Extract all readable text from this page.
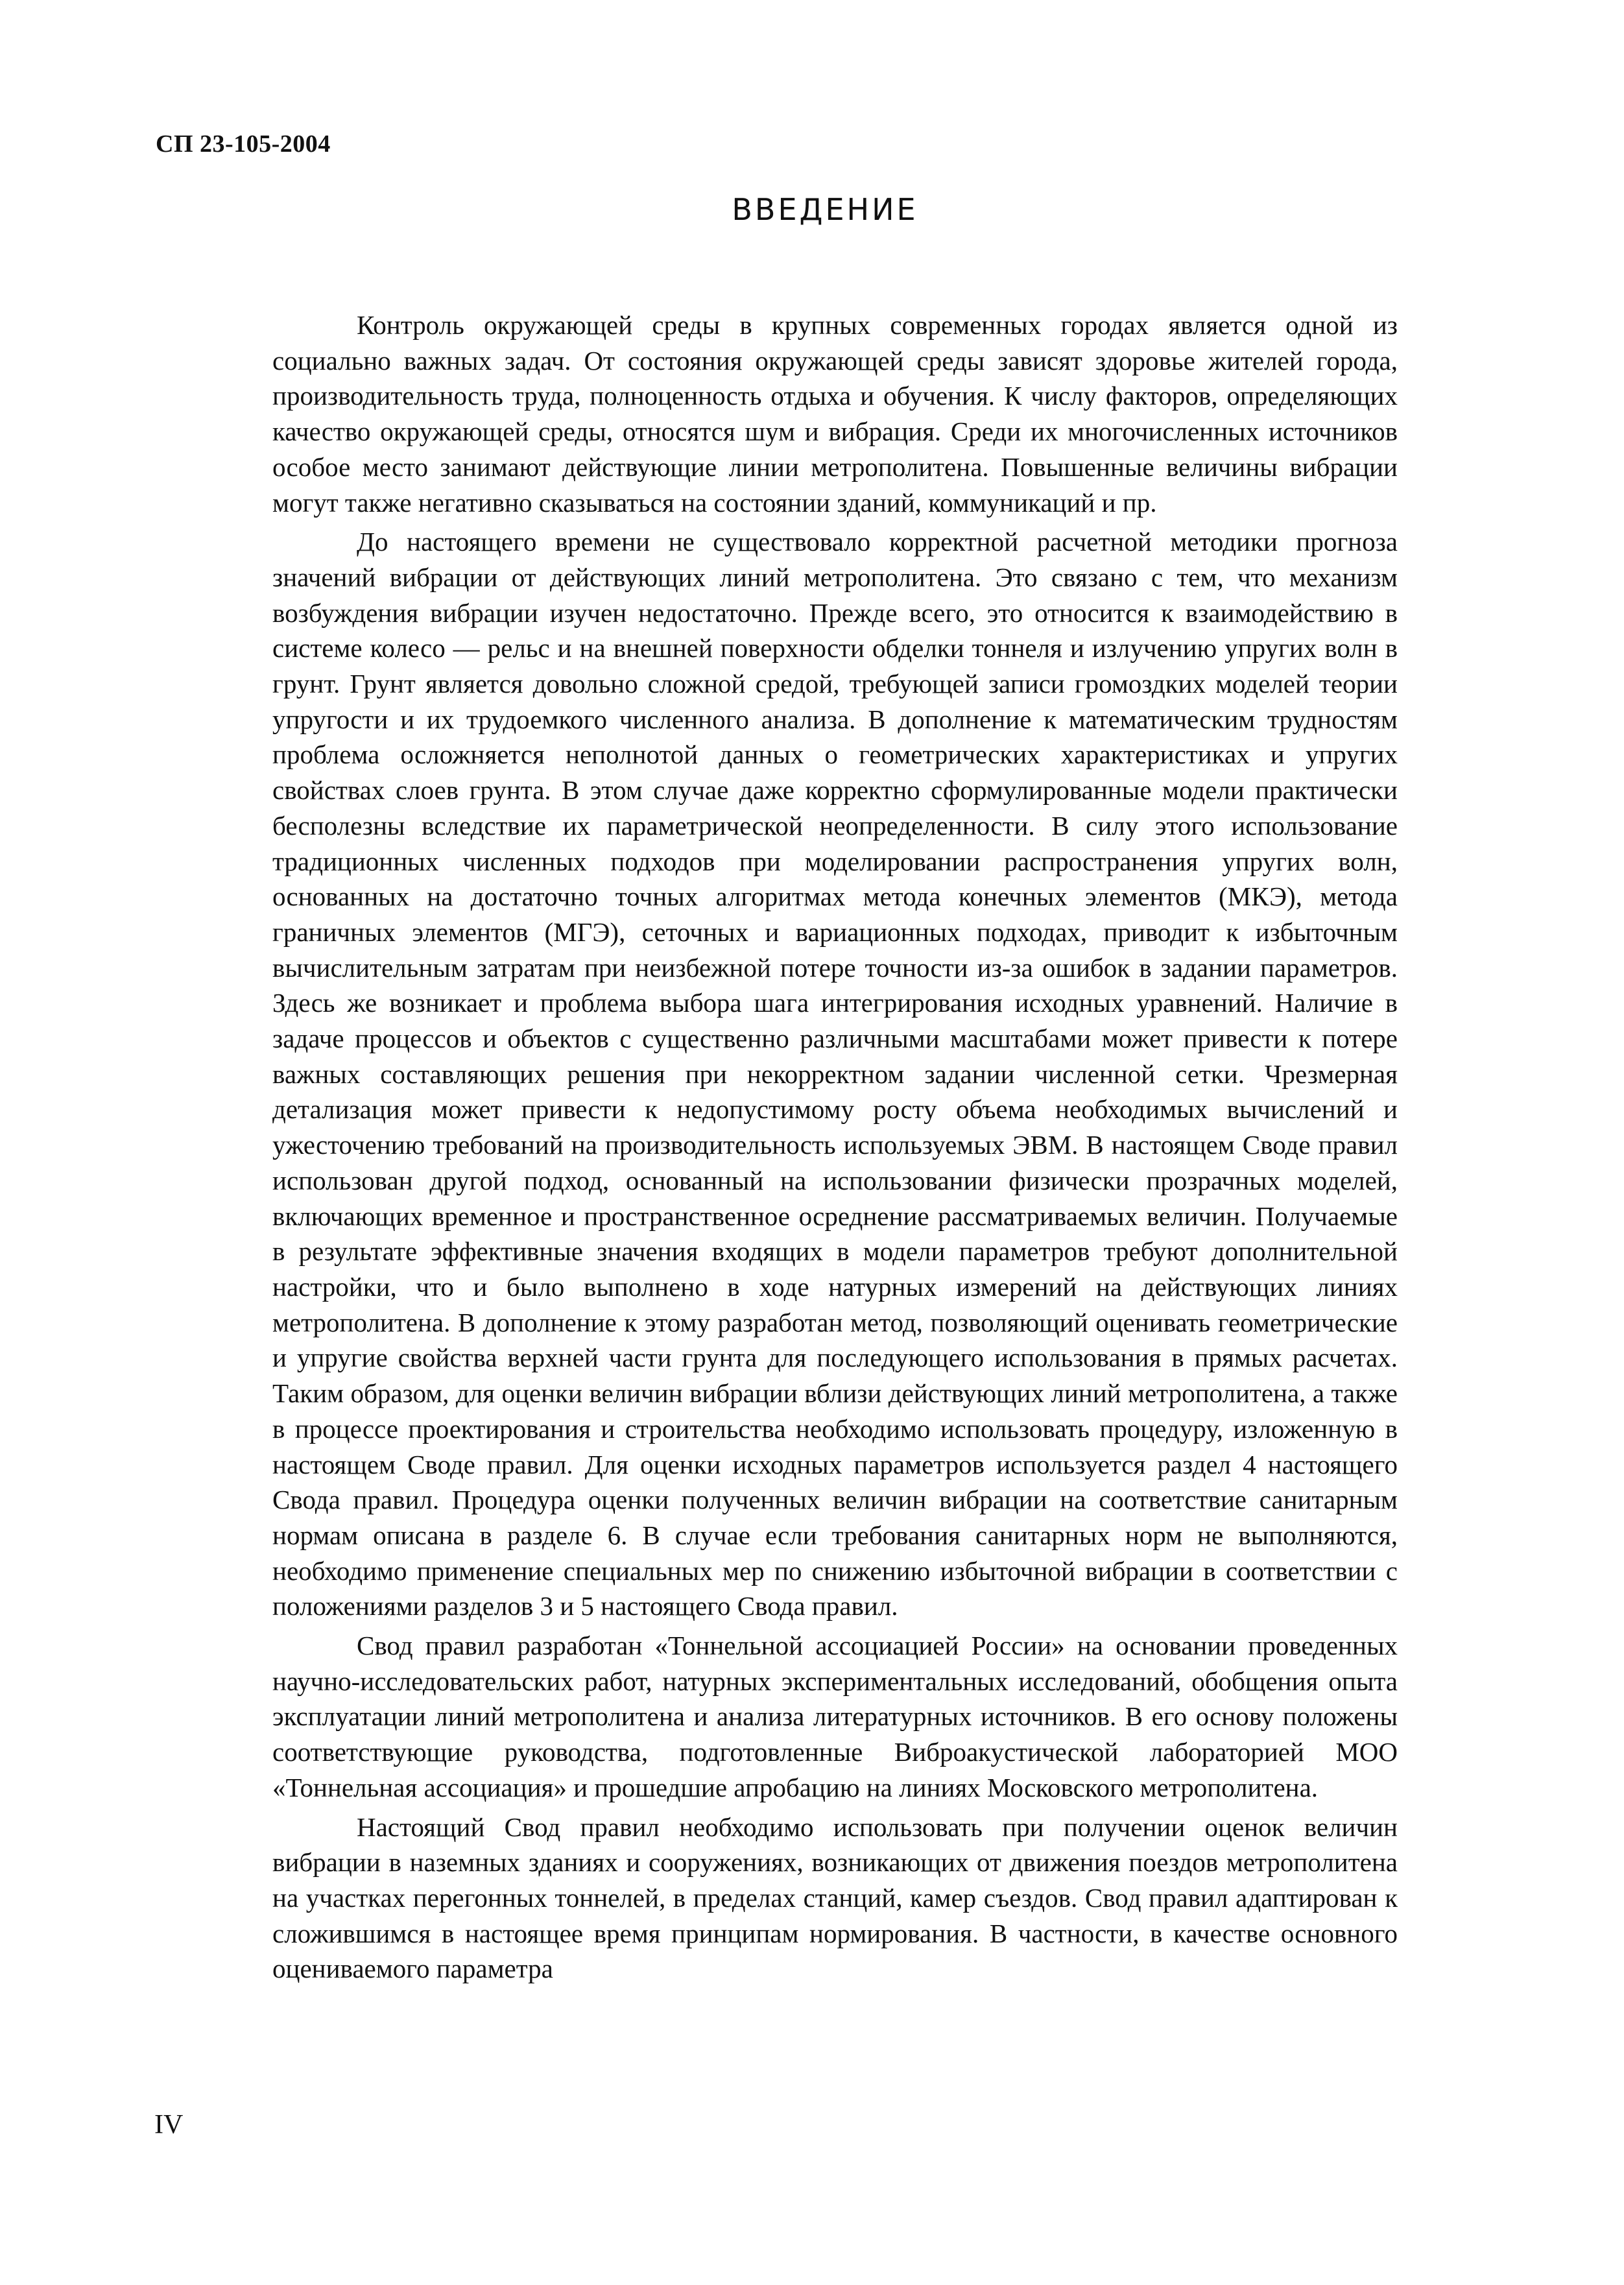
СП 23-105-2004

ВВЕДЕНИЕ

Контроль окружающей среды в крупных современных городах является одной из социально важных задач. От состояния окружающей среды зависят здоровье жителей города, производительность труда, полноценность отдыха и обучения. К числу факторов, определяющих качество окружающей среды, относятся шум и вибрация. Среди их многочисленных источников особое место занимают действующие линии метрополитена. Повышенные величины вибрации могут также негативно сказываться на состоянии зданий, коммуникаций и пр.

До настоящего времени не существовало корректной расчетной методики прогноза значений вибрации от действующих линий метрополитена. Это связано с тем, что механизм возбуждения вибрации изучен недостаточно. Прежде всего, это относится к взаимодействию в системе колесо — рельс и на внешней поверхности обделки тоннеля и излучению упругих волн в грунт. Грунт является довольно сложной средой, требующей записи громоздких моделей теории упругости и их трудоемкого численного анализа. В дополнение к математическим трудностям проблема осложняется неполнотой данных о геометрических характеристиках и упругих свойствах слоев грунта. В этом случае даже корректно сформулированные модели практически бесполезны вследствие их параметрической неопределенности. В силу этого использование традиционных численных подходов при моделировании распространения упругих волн, основанных на достаточно точных алгоритмах метода конечных элементов (МКЭ), метода граничных элементов (МГЭ), сеточных и вариационных подходах, приводит к избыточным вычислительным затратам при неизбежной потере точности из-за ошибок в задании параметров. Здесь же возникает и проблема выбора шага интегрирования исходных уравнений. Наличие в задаче процессов и объектов с существенно различными масштабами может привести к потере важных составляющих решения при некорректном задании численной сетки. Чрезмерная детализация может привести к недопустимому росту объема необходимых вычислений и ужесточению требований на производительность используемых ЭВМ. В настоящем Своде правил использован другой подход, основанный на использовании физически прозрачных моделей, включающих временное и пространственное осреднение рассматриваемых величин. Получаемые в результате эффективные значения входящих в модели параметров требуют дополнительной настройки, что и было выполнено в ходе натурных измерений на действующих линиях метрополитена. В дополнение к этому разработан метод, позволяющий оценивать геометрические и упругие свойства верхней части грунта для последующего использования в прямых расчетах. Таким образом, для оценки величин вибрации вблизи действующих линий метрополитена, а также в процессе проектирования и строительства необходимо использовать процедуру, изложенную в настоящем Своде правил. Для оценки исходных параметров используется раздел 4 настоящего Свода правил. Процедура оценки полученных величин вибрации на соответствие санитарным нормам описана в разделе 6. В случае если требования санитарных норм не выполняются, необходимо применение специальных мер по снижению избыточной вибрации в соответствии с положениями разделов 3 и 5 настоящего Свода правил.

Свод правил разработан «Тоннельной ассоциацией России» на основании проведенных научно-исследовательских работ, натурных экспериментальных исследований, обобщения опыта эксплуатации линий метрополитена и анализа литературных источников. В его основу положены соответствующие руководства, подготовленные Виброакустической лабораторией МОО «Тоннельная ассоциация» и прошедшие апробацию на линиях Московского метрополитена.

Настоящий Свод правил необходимо использовать при получении оценок величин вибрации в наземных зданиях и сооружениях, возникающих от движения поездов метрополитена на участках перегонных тоннелей, в пределах станций, камер съездов. Свод правил адаптирован к сложившимся в настоящее время принципам нормирования. В частности, в качестве основного оцениваемого параметра

IV
